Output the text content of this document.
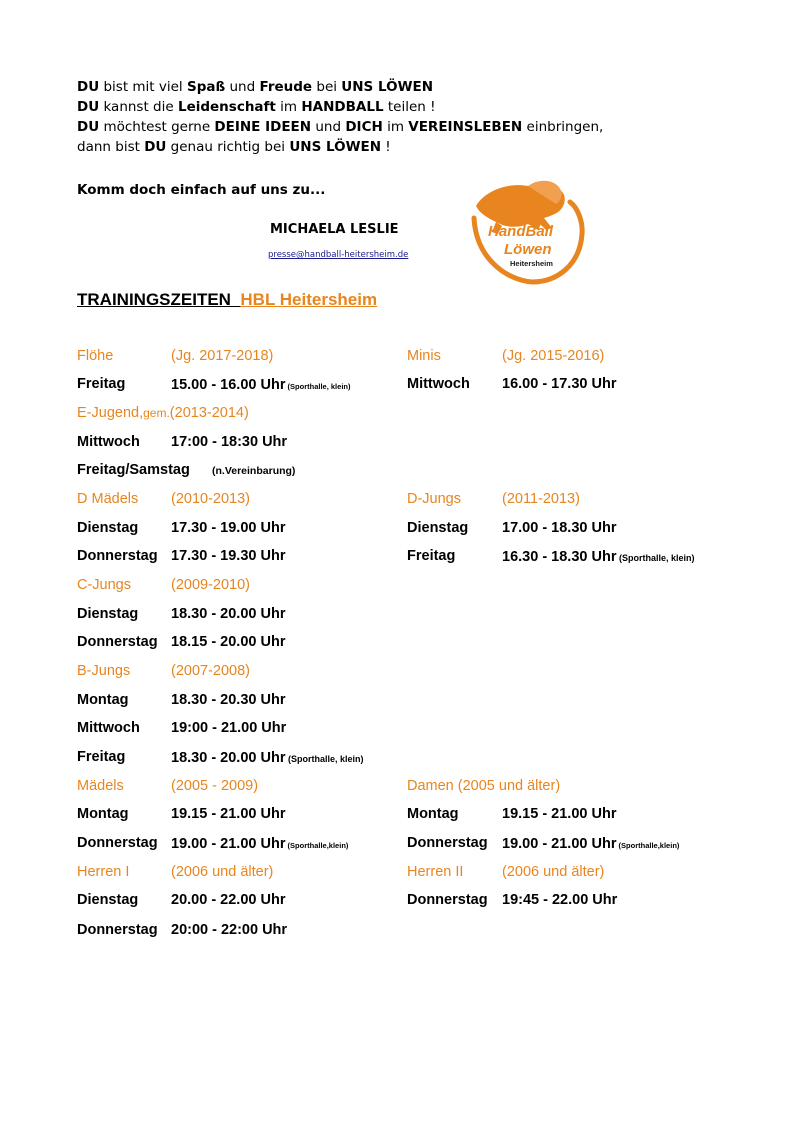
DU bist mit viel Spaß und Freude bei UNS LÖWEN
DU kannst die Leidenschaft im HANDBALL teilen !
DU möchtest gerne DEINE IDEEN und DICH im VEREINSLEBEN einbringen,
dann bist DU genau richtig bei UNS LÖWEN !
Komm doch einfach auf uns zu...
MICHAELA LESLIE
presse@handball-heitersheim.de
HandBall
Löwen
Heitersheim
TRAININGSZEITEN  HBL Heitersheim
Flöhe	(Jg. 2017-2018)	Minis	(Jg. 2015-2016)
Freitag	15.00 - 16.00 Uhr (Sporthalle, klein)	Mittwoch 16.00 - 17.30 Uhr
E-Jugend,gem.(2013-2014)
Mittwoch 17:00 - 18:30 Uhr
Freitag/Samstag (n.Vereinbarung)
D Mädels (2010-2013)	D-Jungs	(2011-2013)
Dienstag 17.30 - 19.00 Uhr	Dienstag 17.00 - 18.30 Uhr
Donnerstag 17.30 - 19.30 Uhr	Freitag	16.30 - 18.30 Uhr (Sporthalle, klein)
C-Jungs	(2009-2010)
Dienstag 18.30 - 20.00 Uhr
Donnerstag 18.15 - 20.00 Uhr
B-Jungs	(2007-2008)
Montag	18.30 - 20.30 Uhr
Mittwoch 19:00 - 21.00 Uhr
Freitag	18.30 - 20.00 Uhr (Sporthalle, klein)
Mädels	(2005 - 2009)	Damen (2005 und älter)
Montag	19.15 - 21.00 Uhr	Montag	19.15 - 21.00 Uhr
Donnerstag 19.00 - 21.00 Uhr (Sporthalle,klein)	Donnerstag 19.00 - 21.00 Uhr (Sporthalle,klein)
Herren I	(2006 und älter)	Herren II	(2006 und älter)
Dienstag 20.00 - 22.00 Uhr	Donnerstag 19:45 - 22.00 Uhr
Donnerstag 20:00 - 22:00 Uhr
